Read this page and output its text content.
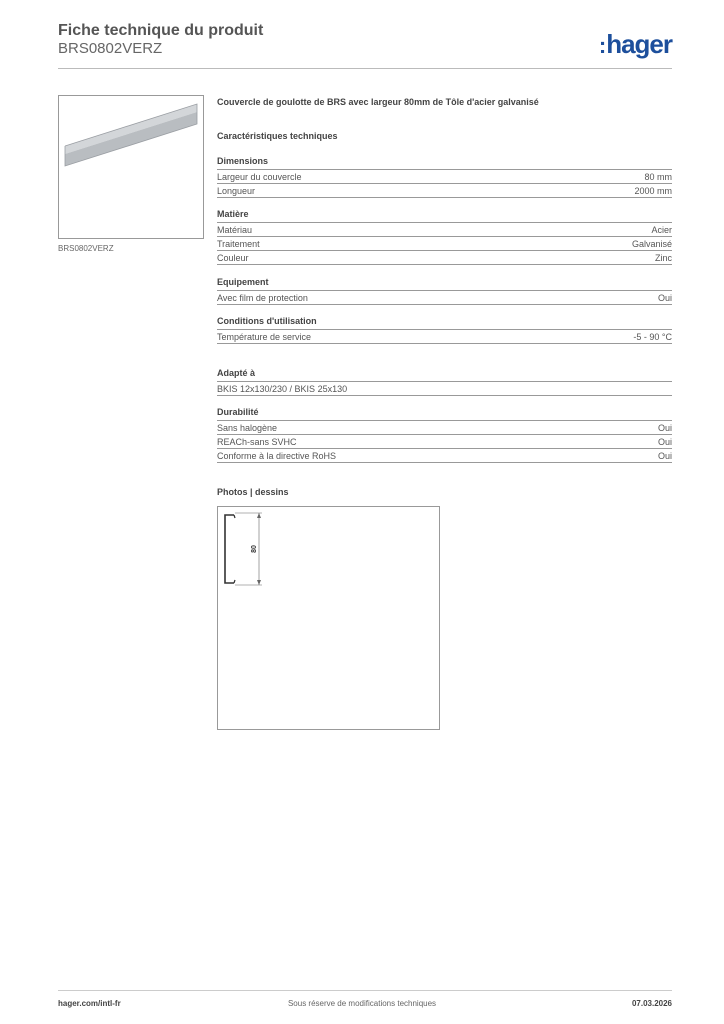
Fiche technique du produit
BRS0802VERZ	:hager
BRS0802VERZ
Couvercle de goulotte de BRS avec largeur 80mm de Tôle d'acier galvanisé
Caractéristiques techniques
Dimensions
Largeur du couvercle	80 mm
Longueur	2000 mm
Matière
Matériau	Acier
Traitement	Galvanisé
Couleur	Zinc
Equipement
Avec film de protection	Oui
Conditions d'utilisation
Température de service	-5 - 90 °C
Adapté à
BKIS 12x130/230 / BKIS 25x130
Durabilité
Sans halogène	Oui
REACh-sans SVHC	Oui
Conforme à la directive RoHS	Oui
Photos | dessins
80
hager.com/intl-fr	Sous réserve de modifications techniques	07.03.2026
